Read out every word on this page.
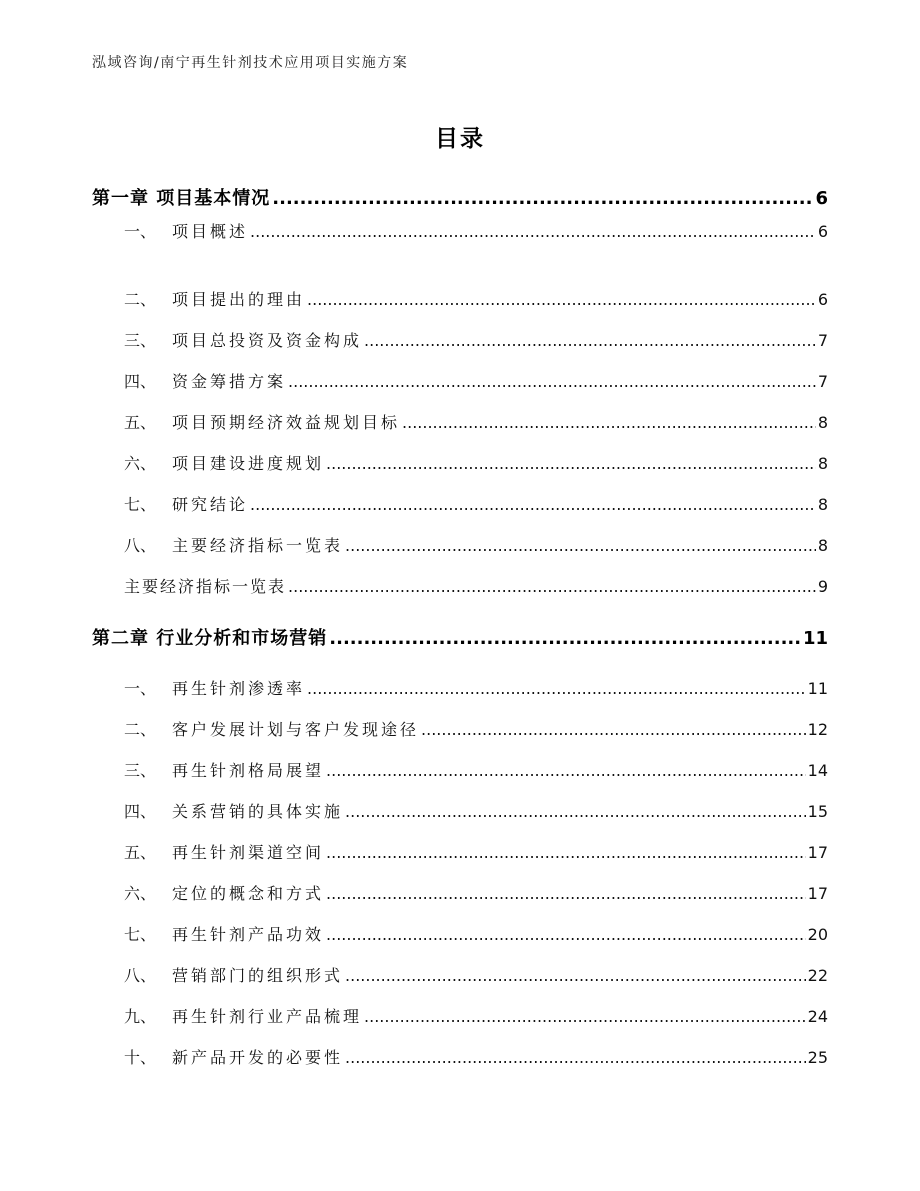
泓域咨询/南宁再生针剂技术应用项目实施方案
目录
第一章 项目基本情况 .....	6
一、 项目概述 .....	6
二、 项目提出的理由 .....	6
三、 项目总投资及资金构成 .....	7
四、 资金筹措方案 .....	7
五、 项目预期经济效益规划目标 .....	8
六、 项目建设进度规划 .....	8
七、 研究结论 .....	8
八、 主要经济指标一览表 .....	8
主要经济指标一览表 .....	9
第二章 行业分析和市场营销 .....	11
一、 再生针剂渗透率 .....	11
二、 客户发展计划与客户发现途径 .....	12
三、 再生针剂格局展望 .....	14
四、 关系营销的具体实施 .....	15
五、 再生针剂渠道空间 .....	17
六、 定位的概念和方式 .....	17
七、 再生针剂产品功效 .....	20
八、 营销部门的组织形式 .....	22
九、 再生针剂行业产品梳理 .....	24
十、 新产品开发的必要性 .....	25
